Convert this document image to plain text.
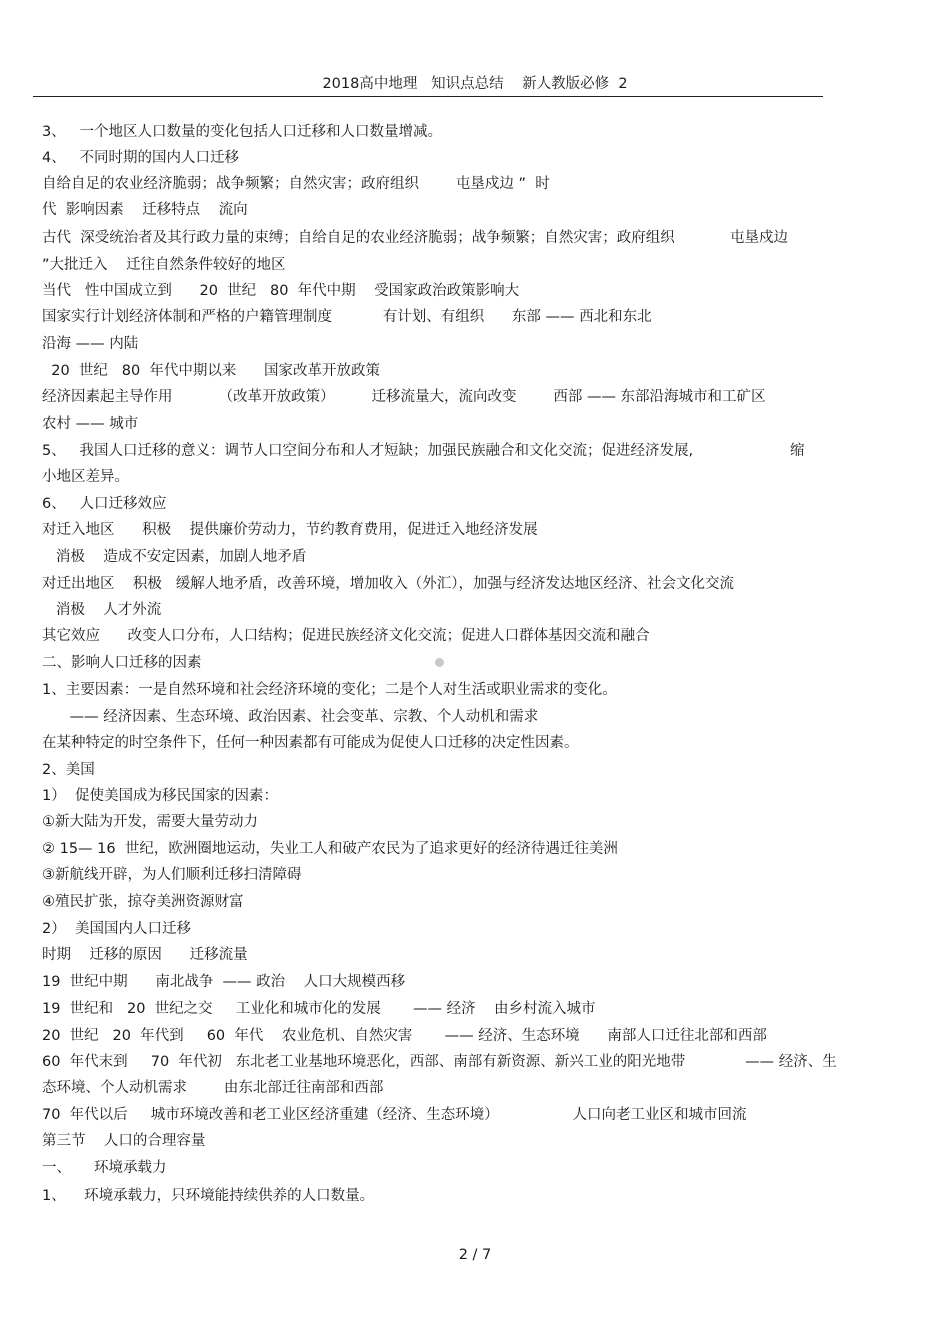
2018高中地理   知识点总结    新人教版必修  2
3、   一个地区人口数量的变化包括人口迁移和人口数量增减。
4、   不同时期的国内人口迁移
自给自足的农业经济脆弱；战争频繁；自然灾害；政府组织        屯垦戍边 ”  时
代  影响因素    迁移特点    流向
古代  深受统治者及其行政力量的束缚；自给自足的农业经济脆弱；战争频繁；自然灾害；政府组织            屯垦戍边
”大批迁入    迁往自然条件较好的地区
当代   性中国成立到      20  世纪   80  年代中期    受国家政治政策影响大
国家实行计划经济体制和严格的户籍管理制度           有计划、有组织      东部 —— 西北和东北
沿海 —— 内陆
20  世纪   80  年代中期以来      国家改革开放政策
经济因素起主导作用          （改革开放政策）        迁移流量大，流向改变        西部 —— 东部沿海城市和工矿区
农村 —— 城市
5、   我国人口迁移的意义：调节人口空间分布和人才短缺；加强民族融合和文化交流；促进经济发展,                     缩
小地区差异。
6、   人口迁移效应
对迁入地区      积极    提供廉价劳动力，节约教育费用，促进迁入地经济发展
消极    造成不安定因素，加剧人地矛盾
对迁出地区    积极   缓解人地矛盾，改善环境，增加收入（外汇），加强与经济发达地区经济、社会文化交流
消极    人才外流
其它效应      改变人口分布，人口结构；促进民族经济文化交流；促进人口群体基因交流和融合
二、影响人口迁移的因素
1、主要因素：一是自然环境和社会经济环境的变化；二是个人对生活或职业需求的变化。
—— 经济因素、生态环境、政治因素、社会变革、宗教、个人动机和需求
在某种特定的时空条件下，任何一种因素都有可能成为促使人口迁移的决定性因素。
2、美国
1）  促使美国成为移民国家的因素：
①新大陆为开发，需要大量劳动力
② 15— 16  世纪，欧洲圈地运动，失业工人和破产农民为了追求更好的经济待遇迁往美洲
③新航线开辟，为人们顺利迁移扫清障碍
④殖民扩张，掠夺美洲资源财富
2）  美国国内人口迁移
时期    迁移的原因      迁移流量
19  世纪中期      南北战争  —— 政治    人口大规模西移
19  世纪和   20  世纪之交     工业化和城市化的发展       —— 经济    由乡村流入城市
20  世纪   20  年代到     60  年代    农业危机、自然灾害       —— 经济、生态环境      南部人口迁往北部和西部
60  年代末到     70  年代初   东北老工业基地环境恶化，西部、南部有新资源、新兴工业的阳光地带             —— 经济、生
态环境、个人动机需求        由东北部迁往南部和西部
70  年代以后     城市环境改善和老工业区经济重建（经济、生态环境）                人口向老工业区和城市回流
第三节    人口的合理容量
一、     环境承载力
1、    环境承载力，只环境能持续供养的人口数量。
2 / 7
